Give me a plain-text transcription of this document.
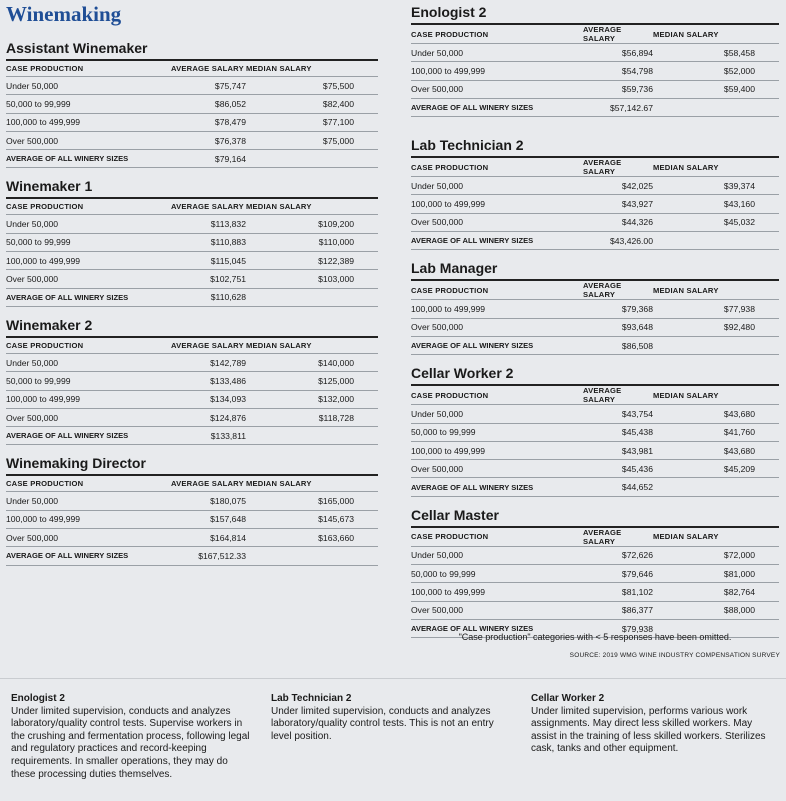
Winemaking
Assistant Winemaker
CASE PRODUCTION	AVERAGE SALARY	MEDIAN SALARY
Under 50,000	$75,747	$75,500
50,000 to 99,999	$86,052	$82,400
100,000 to 499,999	$78,479	$77,100
Over 500,000	$76,378	$75,000
AVERAGE OF ALL WINERY SIZES	$79,164	
Winemaker 1
CASE PRODUCTION	AVERAGE SALARY	MEDIAN SALARY
Under 50,000	$113,832	$109,200
50,000 to 99,999	$110,883	$110,000
100,000 to 499,999	$115,045	$122,389
Over 500,000	$102,751	$103,000
AVERAGE OF ALL WINERY SIZES	$110,628	
Winemaker 2
CASE PRODUCTION	AVERAGE SALARY	MEDIAN SALARY
Under 50,000	$142,789	$140,000
50,000 to 99,999	$133,486	$125,000
100,000 to 499,999	$134,093	$132,000
Over 500,000	$124,876	$118,728
AVERAGE OF ALL WINERY SIZES	$133,811	
Winemaking Director
CASE PRODUCTION	AVERAGE SALARY	MEDIAN SALARY
Under 50,000	$180,075	$165,000
100,000 to 499,999	$157,648	$145,673
Over 500,000	$164,814	$163,660
AVERAGE OF ALL WINERY SIZES	$167,512.33	
Enologist 2
CASE PRODUCTION	AVERAGE SALARY	MEDIAN SALARY
Under 50,000	$56,894	$58,458
100,000 to 499,999	$54,798	$52,000
Over 500,000	$59,736	$59,400
AVERAGE OF ALL WINERY SIZES	$57,142.67	
Lab Technician 2
CASE PRODUCTION	AVERAGE SALARY	MEDIAN SALARY
Under 50,000	$42,025	$39,374
100,000 to 499,999	$43,927	$43,160
Over 500,000	$44,326	$45,032
AVERAGE OF ALL WINERY SIZES	$43,426.00	
Lab Manager
CASE PRODUCTION	AVERAGE SALARY	MEDIAN SALARY
100,000 to 499,999	$79,368	$77,938
Over 500,000	$93,648	$92,480
AVERAGE OF ALL WINERY SIZES	$86,508	
Cellar Worker 2
CASE PRODUCTION	AVERAGE SALARY	MEDIAN SALARY
Under 50,000	$43,754	$43,680
50,000 to 99,999	$45,438	$41,760
100,000 to 499,999	$43,981	$43,680
Over 500,000	$45,436	$45,209
AVERAGE OF ALL WINERY SIZES	$44,652	
Cellar Master
CASE PRODUCTION	AVERAGE SALARY	MEDIAN SALARY
Under 50,000	$72,626	$72,000
50,000 to 99,999	$79,646	$81,000
100,000 to 499,999	$81,102	$82,764
Over 500,000	$86,377	$88,000
AVERAGE OF ALL WINERY SIZES	$79,938	
"Case production" categories with < 5 responses have been omitted.
SOURCE: 2019 WMG WINE INDUSTRY COMPENSATION SURVEY
Enologist 2
Under limited supervision, conducts and analyzes laboratory/quality control tests. Supervise workers in the crushing and fermentation process, following legal and regulatory practices and record-keeping requirements. In smaller operations, they may do these processing duties themselves.
Lab Technician 2
Under limited supervision, conducts and analyzes laboratory/quality control tests. This is not an entry level position.
Cellar Worker 2
Under limited supervision, performs various work assignments. May direct less skilled workers. May assist in the training of less skilled workers. Sterilizes cask, tanks and other equipment.
